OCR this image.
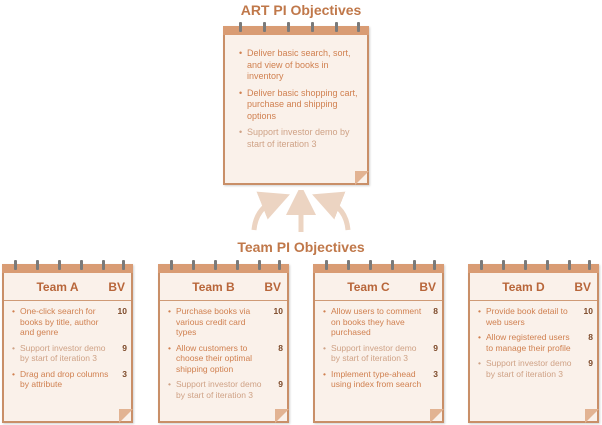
ART PI Objectives
• Deliver basic search, sort, and view of books in inventory
• Deliver basic shopping cart, purchase and shipping options
• Support investor demo by start of iteration 3
Team PI Objectives
Team A	BV
• One-click search for books by title, author and genre
10
• Support investor demo by start of iteration 3
9
• Drag and drop columns by attribute
3
Team B	BV
• Purchase books via various credit card types
10
• Allow customers to choose their optimal shipping option
8
• Support investor demo by start of iteration 3
9
Team C	BV
• Allow users to comment on books they have purchased
8
• Support investor demo by start of iteration 3
9
• Implement type-ahead using index from search
3
Team D	BV
• Provide book detail to web users
10
• Allow registered users to manage their profile
8
• Support investor demo by start of iteration 3
9
